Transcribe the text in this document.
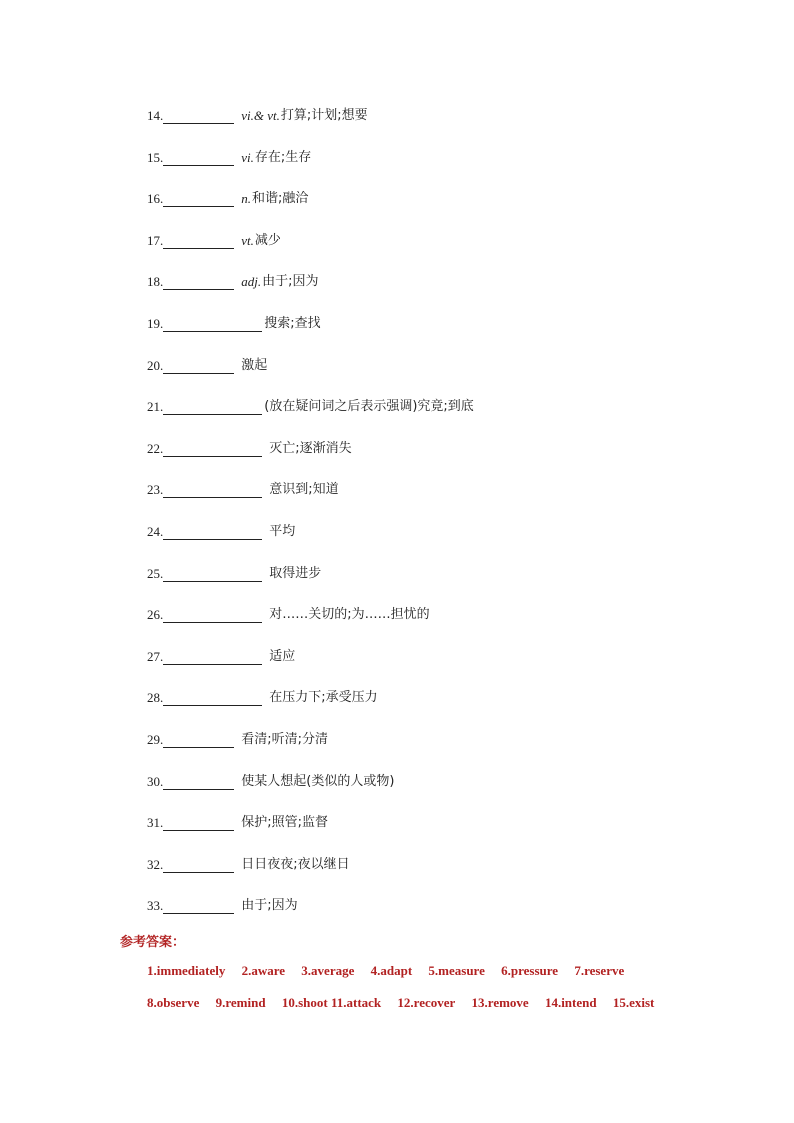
14.	vi.& vt. 打算;计划;想要
15.	vi. 存在;生存
16.	n. 和谐;融洽
17.	vt. 减少
18.	adj. 由于;因为
19.	搜索;查找
20.	激起
21.	(放在疑问词之后表示强调)究竟;到底
22.	灭亡;逐渐消失
23.	意识到;知道
24.	平均
25.	取得进步
26.	对……关切的;为……担忧的
27.	适应
28.	在压力下;承受压力
29.	看清;听清;分清
30.	使某人想起(类似的人或物)
31.	保护;照管;监督
32.	日日夜夜;夜以继日
33.	由于;因为
参考答案：
1.immediately 2.aware 3.average 4.adapt 5.measure 6.pressure 7.reserve
8.observe 9.remind 10.shoot 11.attack 12.recover 13.remove 14.intend 15.exist
